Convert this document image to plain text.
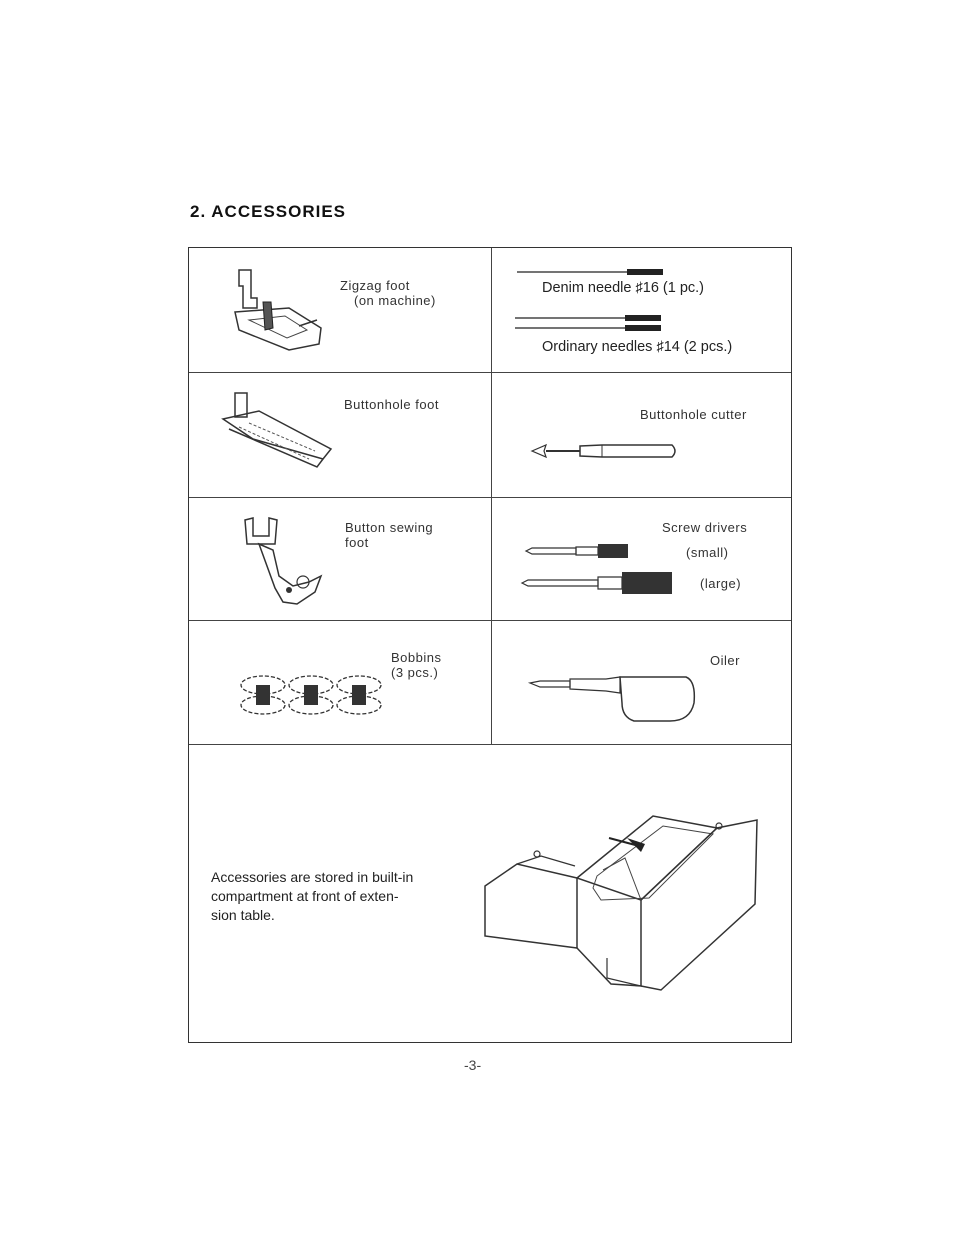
2. ACCESSORIES
Zigzag foot
(on machine)
Denim needle ♯16 (1 pc.)
Ordinary needles ♯14 (2 pcs.)
Buttonhole foot
Buttonhole cutter
Button sewing
foot
Screw drivers
(small)
(large)
Bobbins
(3 pcs.)
Oiler
Accessories are stored in built-in
compartment at front of exten-
sion table.
-3-
